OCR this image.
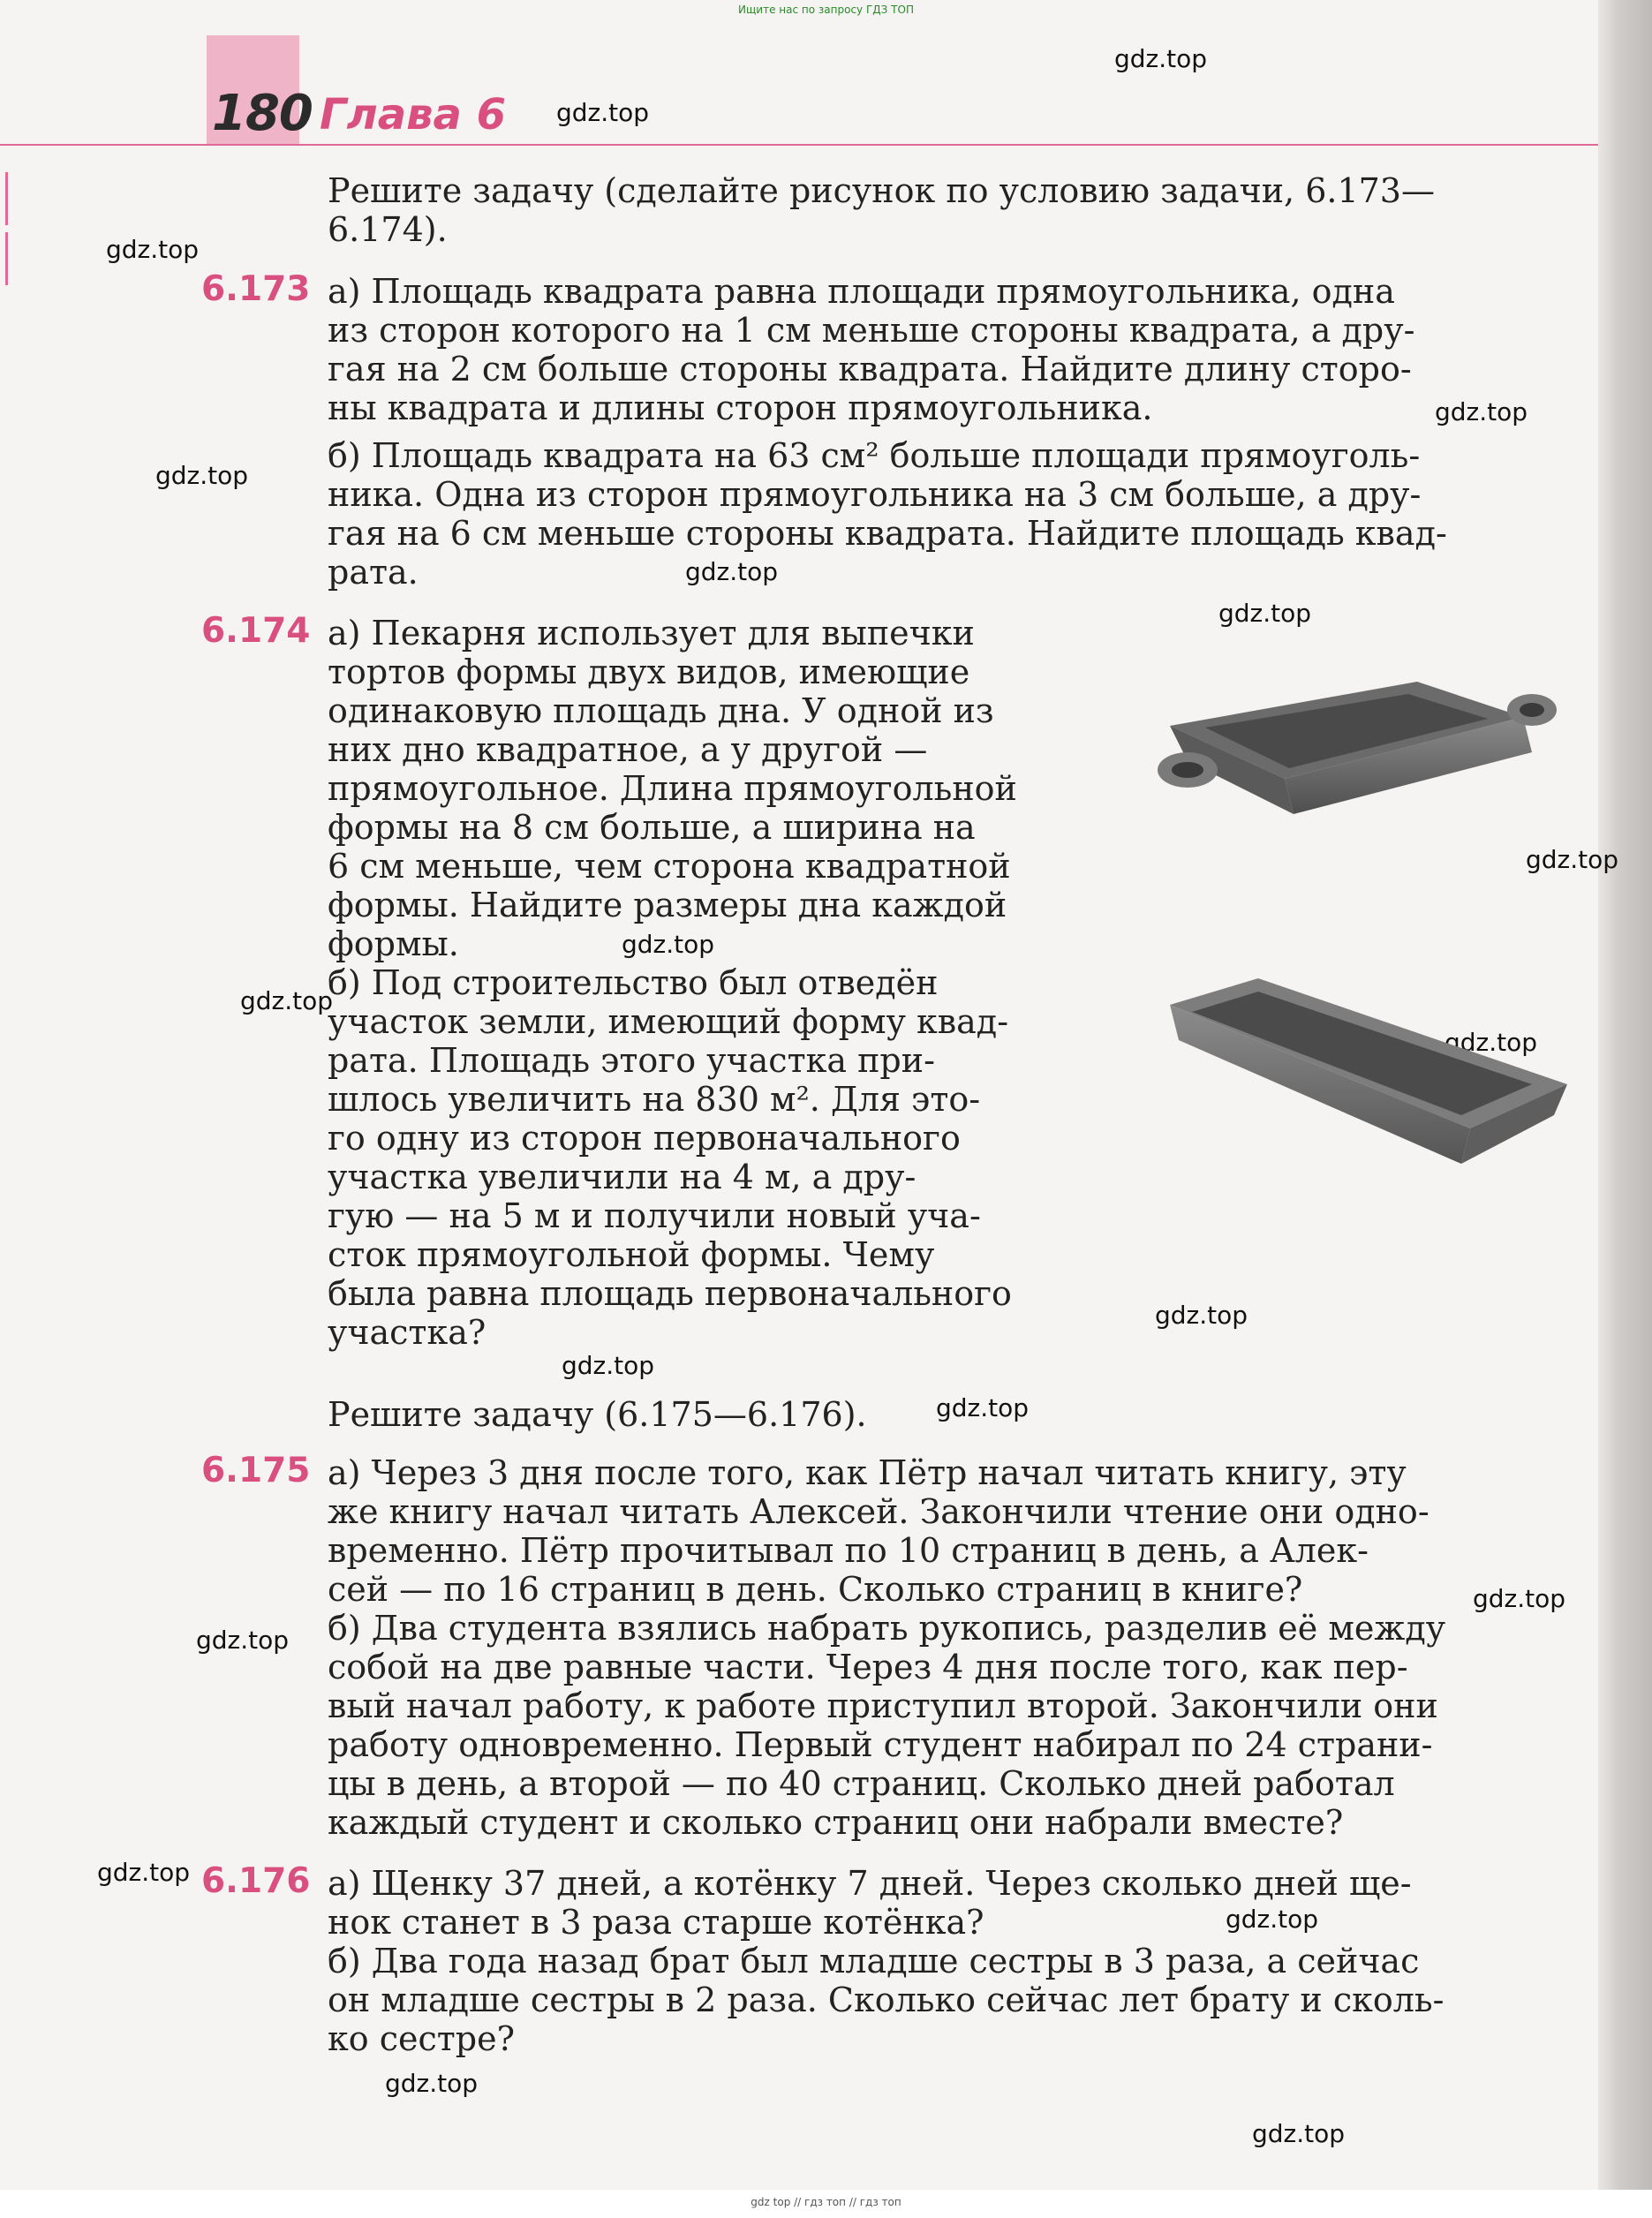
Ищите нас по запросу ГДЗ ТОП
gdz top // гдз топ // гдз топ
180 Глава 6
gdz.top
gdz.top
gdz.top
gdz.top
gdz.top
gdz.top
gdz.top
gdz.top
gdz.top
gdz.top
gdz.top
gdz.top
gdz.top
gdz.top
gdz.top
gdz.top
gdz.top
gdz.top
gdz.top
gdz.top
Решите задачу (сделайте рисунок по условию задачи, 6.173—
6.174).
6.173 а) Площадь квадрата равна площади прямоугольника, одна
из сторон которого на 1 см меньше стороны квадрата, а дру-
гая на 2 см больше стороны квадрата. Найдите длину сторо-
ны квадрата и длины сторон прямоугольника.
б) Площадь квадрата на 63 см² больше площади прямоуголь-
ника. Одна из сторон прямоугольника на 3 см больше, а дру-
гая на 6 см меньше стороны квадрата. Найдите площадь квад-
рата.
6.174 а) Пекарня использует для выпечки
тортов формы двух видов, имеющие
одинаковую площадь дна. У одной из
них дно квадратное, а у другой —
прямоугольное. Длина прямоугольной
формы на 8 см больше, а ширина на
6 см меньше, чем сторона квадратной
формы. Найдите размеры дна каждой
формы.
б) Под строительство был отведён
участок земли, имеющий форму квад-
рата. Площадь этого участка при-
шлось увеличить на 830 м². Для это-
го одну из сторон первоначального
участка увеличили на 4 м, а дру-
гую — на 5 м и получили новый уча-
сток прямоугольной формы. Чему
была равна площадь первоначального
участка?
Решите задачу (6.175—6.176).
6.175 а) Через 3 дня после того, как Пётр начал читать книгу, эту
же книгу начал читать Алексей. Закончили чтение они одно-
временно. Пётр прочитывал по 10 страниц в день, а Алек-
сей — по 16 страниц в день. Сколько страниц в книге?
б) Два студента взялись набрать рукопись, разделив её между
собой на две равные части. Через 4 дня после того, как пер-
вый начал работу, к работе приступил второй. Закончили они
работу одновременно. Первый студент набирал по 24 страни-
цы в день, а второй — по 40 страниц. Сколько дней работал
каждый студент и сколько страниц они набрали вместе?
6.176 а) Щенку 37 дней, а котёнку 7 дней. Через сколько дней ще-
нок станет в 3 раза старше котёнка?
б) Два года назад брат был младше сестры в 3 раза, а сейчас
он младше сестры в 2 раза. Сколько сейчас лет брату и сколь-
ко сестре?
